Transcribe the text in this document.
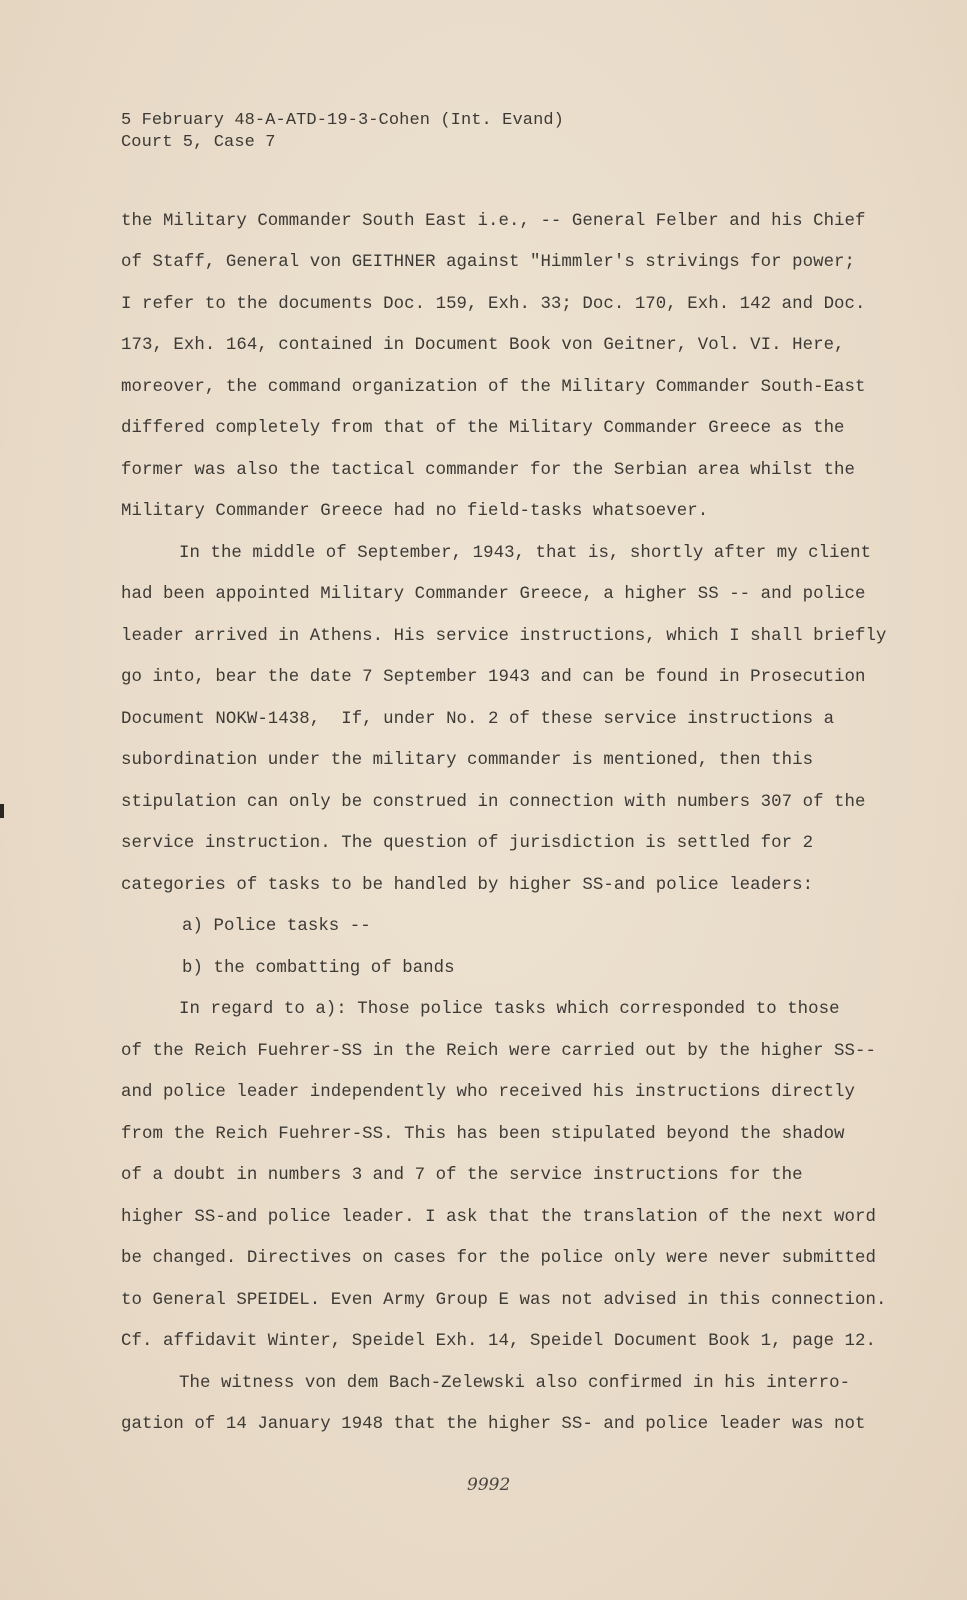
5 February 48-A-ATD-19-3-Cohen (Int. Evand)
Court 5, Case 7
the Military Commander South East i.e., -- General Felber and his Chief
of Staff, General von GEITHNER against "Himmler's strivings for power;
I refer to the documents Doc. 159, Exh. 33; Doc. 170, Exh. 142 and Doc.
173, Exh. 164, contained in Document Book von Geitner, Vol. VI. Here,
moreover, the command organization of the Military Commander South-East
differed completely from that of the Military Commander Greece as the
former was also the tactical commander for the Serbian area whilst the
Military Commander Greece had no field-tasks whatsoever.
In the middle of September, 1943, that is, shortly after my client
had been appointed Military Commander Greece, a higher SS -- and police
leader arrived in Athens. His service instructions, which I shall briefly
go into, bear the date 7 September 1943 and can be found in Prosecution
Document NOKW-1438,  If, under No. 2 of these service instructions a
subordination under the military commander is mentioned, then this
stipulation can only be construed in connection with numbers 307 of the
service instruction. The question of jurisdiction is settled for 2
categories of tasks to be handled by higher SS-and police leaders:
a) Police tasks --
b) the combatting of bands
In regard to a): Those police tasks which corresponded to those
of the Reich Fuehrer-SS in the Reich were carried out by the higher SS--
and police leader independently who received his instructions directly
from the Reich Fuehrer-SS. This has been stipulated beyond the shadow
of a doubt in numbers 3 and 7 of the service instructions for the
higher SS-and police leader. I ask that the translation of the next word
be changed. Directives on cases for the police only were never submitted
to General SPEIDEL. Even Army Group E was not advised in this connection.
Cf. affidavit Winter, Speidel Exh. 14, Speidel Document Book 1, page 12.
The witness von dem Bach-Zelewski also confirmed in his interro-
gation of 14 January 1948 that the higher SS- and police leader was not
9992
